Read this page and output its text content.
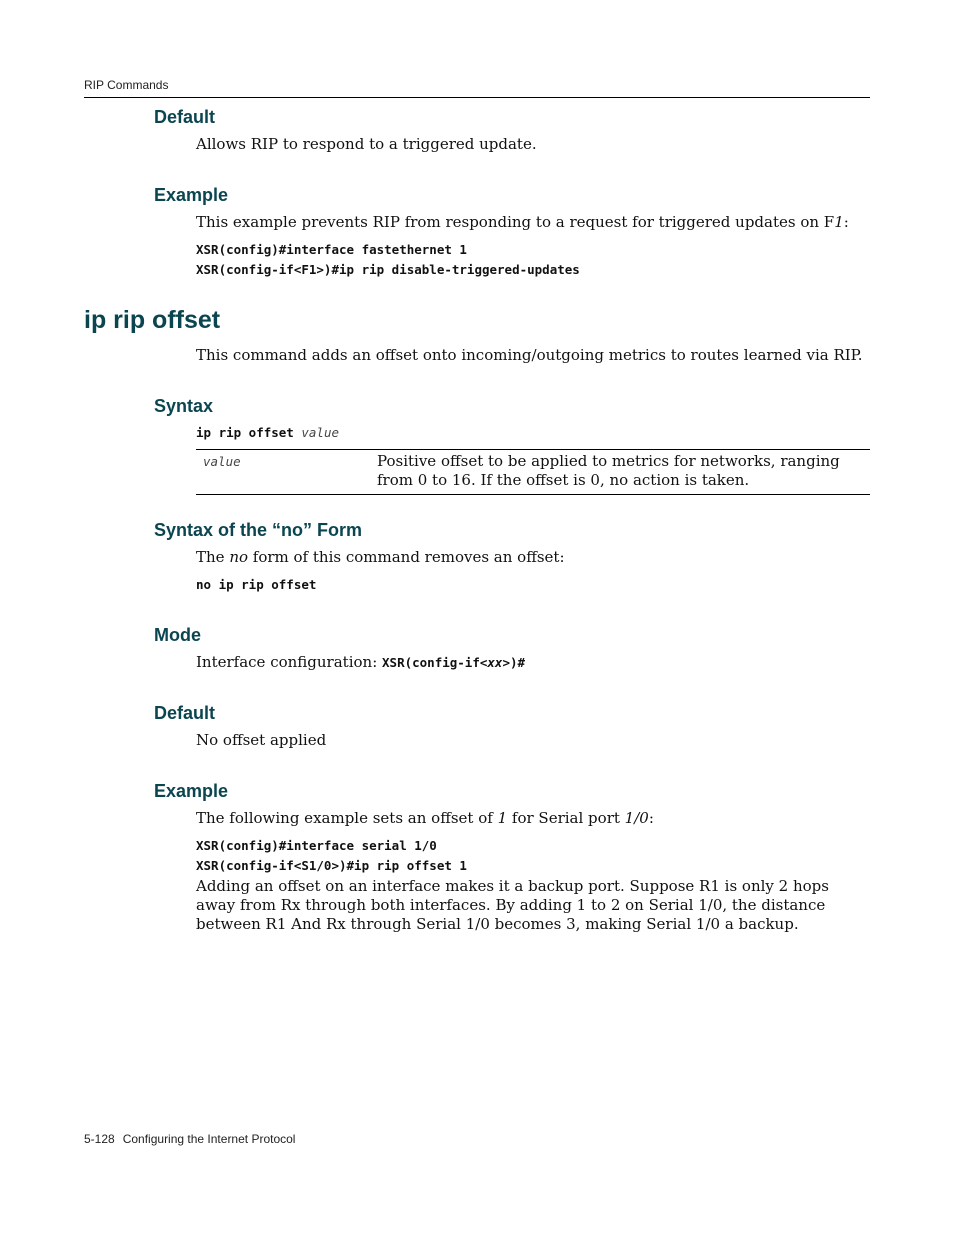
RIP Commands
Default

Allows RIP to respond to a triggered update.

Example

This example prevents RIP from responding to a request for triggered updates on F1:

XSR(config)#interface fastethernet 1
XSR(config-if<F1>)#ip rip disable-triggered-updates
ip rip offset

This command adds an offset onto incoming/outgoing metrics to routes learned via RIP.

Syntax
ip rip offset value
value	Positive offset to be applied to metrics for networks, ranging from 0 to 16. If the offset is 0, no action is taken.
Syntax of the “no” Form

The no form of this command removes an offset:

no ip rip offset
Mode

Interface configuration: XSR(config-if<xx>)#

Default

No offset applied

Example

The following example sets an offset of 1 for Serial port 1/0:

XSR(config)#interface serial 1/0
XSR(config-if<S1/0>)#ip rip offset 1

Adding an offset on an interface makes it a backup port. Suppose R1 is only 2 hops away from Rx through both interfaces. By adding 1 to 2 on Serial 1/0, the distance between R1 And Rx through Serial 1/0 becomes 3, making Serial 1/0 a backup.

5-128 Configuring the Internet Protocol
